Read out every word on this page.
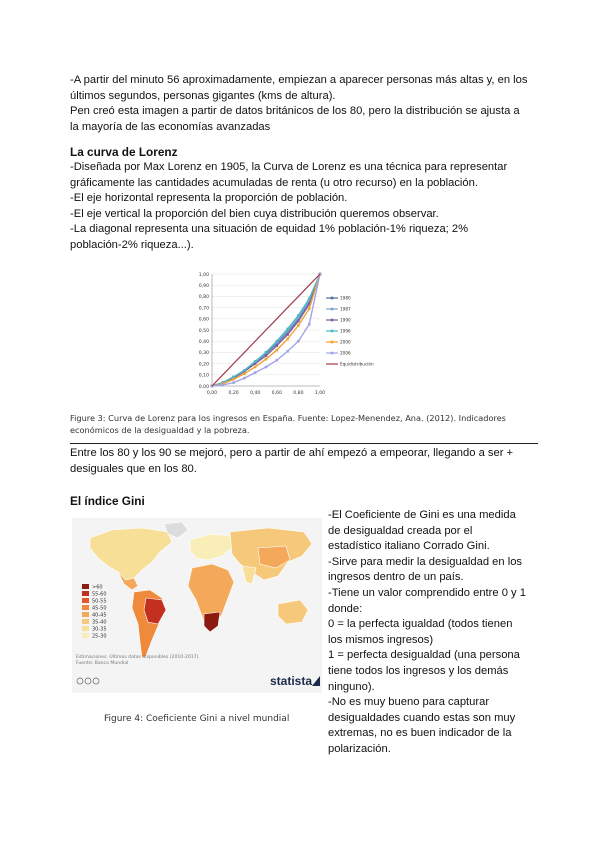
-A partir del minuto 56 aproximadamente, empiezan a aparecer personas más altas y, en los
últimos segundos, personas gigantes (kms de altura).
Pen creó esta imagen a partir de datos británicos de los 80, pero la distribución se ajusta a
la mayoría de las economías avanzadas
La curva de Lorenz
-Diseñada por Max Lorenz en 1905, la Curva de Lorenz es una técnica para representar
gráficamente las cantidades acumuladas de renta (u otro recurso) en la población.
-El eje horizontal representa la proporción de población.
-El eje vertical la proporción del bien cuya distribución queremos observar.
-La diagonal representa una situación de equidad 1% población-1% riqueza; 2%
población-2% riqueza...).
0,00
0,10
0,20
0,30
0,40
0,50
0,60
0,70
0,80
0,90
1,00
0,00 0,20 0,40 0,60 0,80 1,00
1980
1987
1990
1996
2000
2006
Equidistribución
Figure 3: Curva de Lorenz para los ingresos en España. Fuente: Lopez-Menendez, Ana. (2012). Indicadores
económicos de la desigualdad y la pobreza.
Entre los 80 y los 90 se mejoró, pero a partir de ahí empezó a empeorar, llegando a ser +
desiguales que en los 80.
El índice Gini
>60
55-60
50-55
45-50
40-45
35-40
30-35
25-30
Estimaciones. Últimos datos disponibles (2010-2017).
Fuente: Banco Mundial
statista
Figure 4: Coeficiente Gini a nivel mundial
-El Coeficiente de Gini es una medida
de desigualdad creada por el
estadístico italiano Corrado Gini.
-Sirve para medir la desigualdad en los
ingresos dentro de un país.
-Tiene un valor comprendido entre 0 y 1
donde:
0 = la perfecta igualdad (todos tienen
los mismos ingresos)
1 = perfecta desigualdad (una persona
tiene todos los ingresos y los demás
ninguno).
-No es muy bueno para capturar
desigualdades cuando estas son muy
extremas, no es buen indicador de la
polarización.
